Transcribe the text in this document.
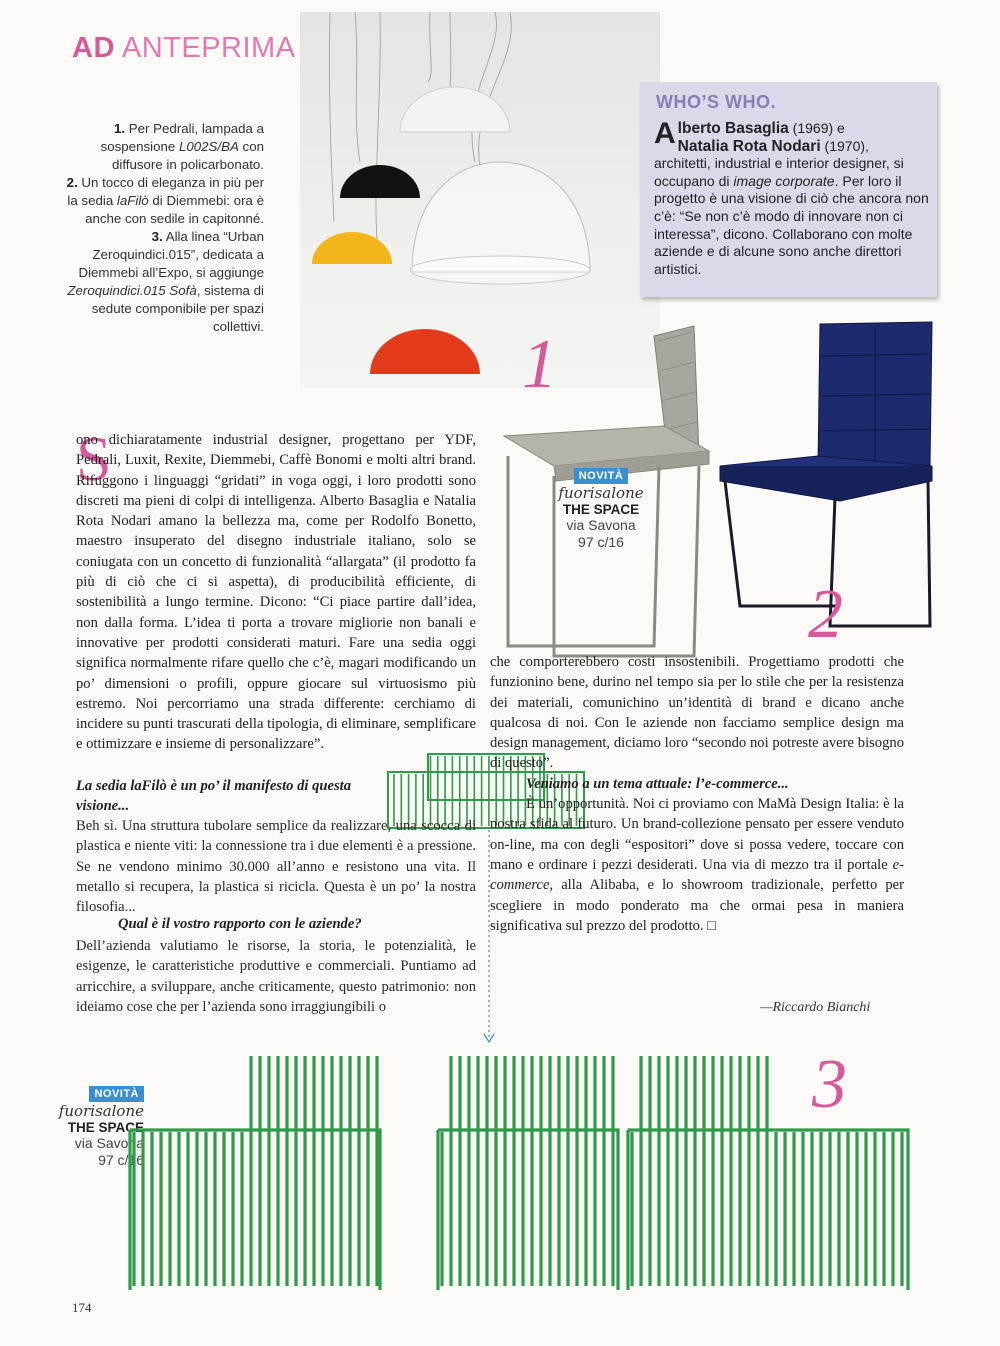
AD ANTEPRIMA

1. Per Pedrali, lampada a sospensione L002S/BA con diffusore in policarbonato.

2. Un tocco di eleganza in più per la sedia laFilò di Diemmebi: ora è anche con sedile in capitonné.

3. Alla linea “Urban Zeroquindici.015”, dedicata a Diemmebi all’Expo, si aggiunge Zeroquindici.015 Sofà, sistema di sedute componibile per spazi collettivi.

WHO’S WHO.

Alberto Basaglia (1969) e
Natalia Rota Nodari (1970),

architetti, industrial e interior designer, si occupano di image corporate. Per loro il progetto è una visione di ciò che ancora non c’è: “Se non c’è modo di innovare non ci interessa”, dicono. Collaborano con molte aziende e di alcune sono anche direttori artistici.

1
NOVITÀ
fuorisalone
THE SPACE
via Savona
97 c/16
2
S

ono dichiaratamente industrial designer, progettano per YDF, Pedrali, Luxit, Rexite, Diemmebi, Caffè Bonomi e molti altri brand. Rifuggono i linguaggi “gridati” in voga oggi, i loro prodotti sono discreti ma pieni di colpi di intelligenza. Alberto Basaglia e Natalia Rota Nodari amano la bellezza ma, come per Rodolfo Bonetto, maestro insuperato del disegno industriale italiano, solo se coniugata con un concetto di funzionalità “allargata” (il prodotto fa più di ciò che ci si aspetta), di producibilità efficiente, di sostenibilità a lungo termine. Dicono: “Ci piace partire dall’idea, non dalla forma. L’idea ti porta a trovare migliorie non banali e innovative per prodotti considerati maturi. Fare una sedia oggi significa normalmente rifare quello che c’è, magari modificando un po’ dimensioni o profili, oppure giocare sul virtuosismo più estremo. Noi percorriamo una strada differente: cerchiamo di incidere su punti trascurati della tipologia, di eliminare, semplificare e ottimizzare e insieme di personalizzare”.

La sedia laFilò è un po’ il manifesto di questa visione...
Beh sì. Una struttura tubolare semplice da realizzare, una scocca di plastica e niente viti: la connessione tra i due elementi è a pressione. Se ne vendono minimo 30.000 all’anno e resistono una vita. Il metallo si recupera, la plastica si ricicla. Questa è un po’ la nostra filosofia...
Qual è il vostro rapporto con le aziende?
Dell’azienda valutiamo le risorse, la storia, le potenzialità, le esigenze, le caratteristiche produttive e commerciali. Puntiamo ad arricchire, a sviluppare, anche criticamente, questo patrimonio: non ideiamo cose che per l’azienda sono irraggiungibili o

che comporterebbero costi insostenibili. Progettiamo prodotti che funzionino bene, durino nel tempo sia per lo stile che per la resistenza dei materiali, comunichino un’identità di brand e dicano anche qualcosa di noi. Con le aziende non facciamo semplice design ma design management, diciamo loro “secondo noi potreste avere bisogno di questo”.

Veniamo a un tema attuale: l’e-commerce...

È un’opportunità. Noi ci proviamo con MaMà Design Italia: è la nostra sfida al futuro. Un brand-collezione pensato per essere venduto on-line, ma con degli “espositori” dove si possa vedere, toccare con mano e ordinare i pezzi desiderati. Una via di mezzo tra il portale e-commerce, alla Alibaba, e lo showroom tradizionale, perfetto per scegliere in modo ponderato ma che ormai pesa in maniera significativa sul prezzo del prodotto. □

—Riccardo Bianchi
NOVITÀ
fuorisalone
THE SPACE
via Savona
97 c/16
3
174
